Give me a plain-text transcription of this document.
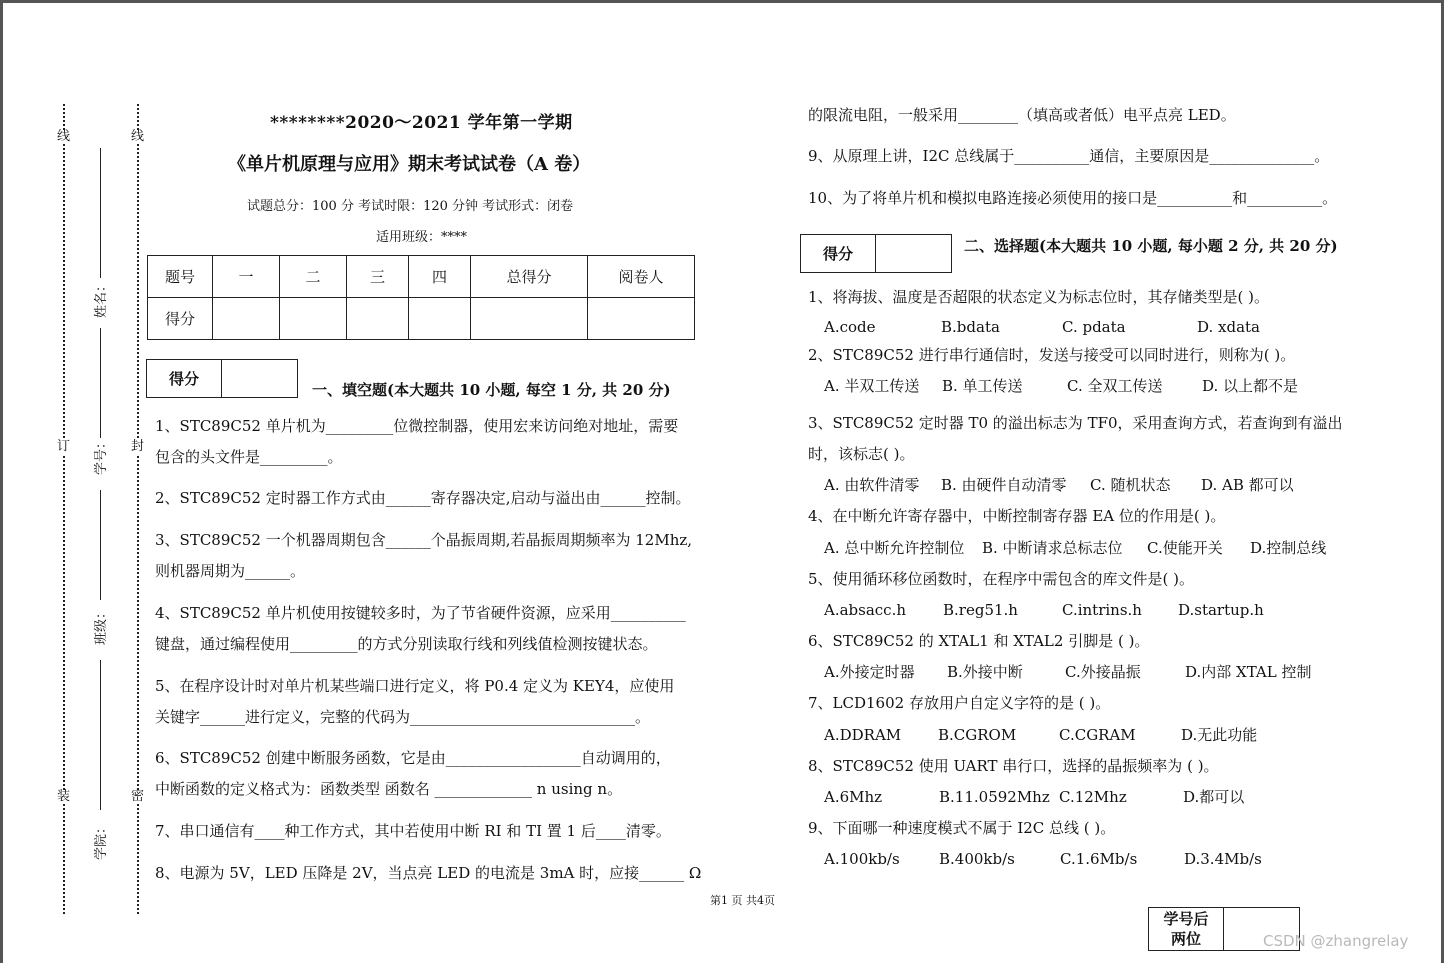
线
订
装
线
封
密
姓名：
学号：
班级：
学院：
********2020～2021 学年第一学期
《单片机原理与应用》期末考试试卷（A 卷）
试题总分：100 分 考试时限：120 分钟 考试形式：闭卷
适用班级：****
题号	一	二	三	四	总得分	阅卷人
得分						
得分
一、填空题(本大题共 10 小题, 每空 1 分, 共 20 分)
1、STC89C52 单片机为_________位微控制器，使用宏来访问绝对地址，需要
包含的头文件是_________。
2、STC89C52 定时器工作方式由______寄存器决定,启动与溢出由______控制。
3、STC89C52 一个机器周期包含______个晶振周期,若晶振周期频率为 12Mhz,
则机器周期为______。
4、STC89C52 单片机使用按键较多时，为了节省硬件资源，应采用__________
键盘，通过编程使用_________的方式分别读取行线和列线值检测按键状态。
5、在程序设计时对单片机某些端口进行定义，将 P0.4 定义为 KEY4，应使用
关键字______进行定义，完整的代码为______________________________。
6、STC89C52 创建中断服务函数，它是由__________________自动调用的，
中断函数的定义格式为：函数类型 函数名 _____________ n using n。
7、串口通信有____种工作方式，其中若使用中断 RI 和 TI 置 1 后____清零。
8、电源为 5V，LED 压降是 2V，当点亮 LED 的电流是 3mA 时，应接______ Ω
的限流电阻，一般采用________（填高或者低）电平点亮 LED。
9、从原理上讲，I2C 总线属于__________通信，主要原因是______________。
10、为了将单片机和模拟电路连接必须使用的接口是__________和__________。
得分	二、选择题(本大题共 10 小题, 每小题 2 分, 共 20 分)
1、将海拔、温度是否超限的状态定义为标志位时，其存储类型是( )。
A.code	B.bdata	C. pdata	D. xdata
2、STC89C52 进行串行通信时，发送与接受可以同时进行，则称为( )。
A. 半双工传送 B. 单工传送	C. 全双工传送	D. 以上都不是
3、STC89C52 定时器 T0 的溢出标志为 TF0，采用查询方式，若查询到有溢出
时，该标志( )。
A. 由软件清零 B. 由硬件自动清零 C. 随机状态 D. AB 都可以
4、在中断允许寄存器中，中断控制寄存器 EA 位的作用是( )。
A. 总中断允许控制位 B. 中断请求总标志位 C.使能开关 D.控制总线
5、使用循环移位函数时，在程序中需包含的库文件是( )。
A.absacc.h B.reg51.h	C.intrins.h D.startup.h
6、STC89C52 的 XTAL1 和 XTAL2 引脚是 ( )。
A.外接定时器 B.外接中断	C.外接晶振	D.内部 XTAL 控制
7、LCD1602 存放用户自定义字符的是 ( )。
A.DDRAM B.CGROM	C.CGRAM	D.无此功能
8、STC89C52 使用 UART 串行口，选择的晶振频率为 ( )。
A.6Mhz	B.11.0592Mhz C.12Mhz	D.都可以
9、下面哪一种速度模式不属于 I2C 总线 ( )。
A.100kb/s	B.400kb/s	C.1.6Mb/s	D.3.4Mb/s
第1 页 共4页
学号后
两位	CSDN @zhangrelay
